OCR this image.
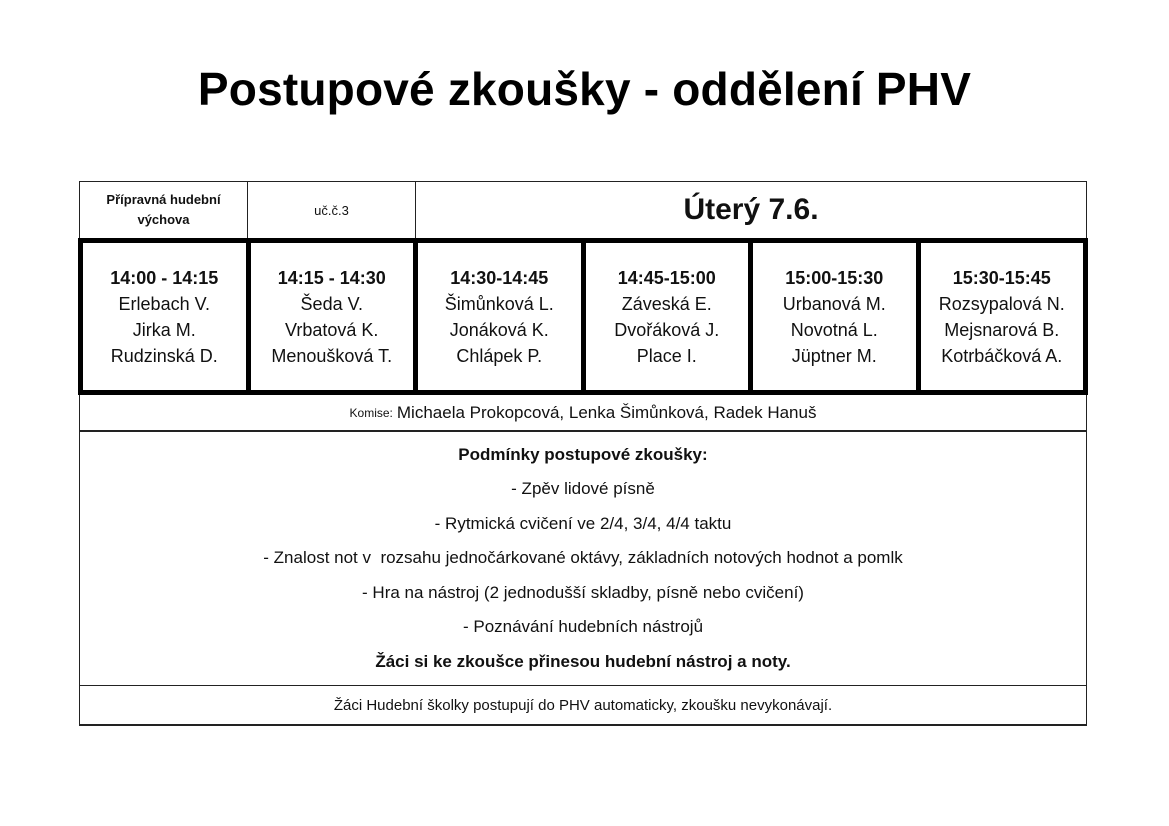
Postupové zkoušky - oddělení PHV
Přípravná hudební výchova
uč.č.3	Úterý 7.6.
14:00 - 14:15
Erlebach V.
Jirka M.
Rudzinská D.
14:15 - 14:30
Šeda V.
Vrbatová K.
Menoušková T.
14:30-14:45
Šimůnková L.
Jonáková K.
Chlápek P.
14:45-15:00
Záveská E.
Dvořáková J.
Place I.
15:00-15:30
Urbanová M.
Novotná L.
Jüptner M.
15:30-15:45
Rozsypalová N.
Mejsnarová B.
Kotrbáčková A.
Komise: Michaela Prokopcová, Lenka Šimůnková, Radek Hanuš
Podmínky postupové zkoušky:
- Zpěv lidové písně
- Rytmická cvičení ve 2/4, 3/4, 4/4 taktu
- Znalost not v  rozsahu jednočárkované oktávy, základních notových hodnot a pomlk
- Hra na nástroj (2 jednodušší skladby, písně nebo cvičení)
- Poznávání hudebních nástrojů
Žáci si ke zkoušce přinesou hudební nástroj a noty.
Žáci Hudební školky postupují do PHV automaticky, zkoušku nevykonávají.
